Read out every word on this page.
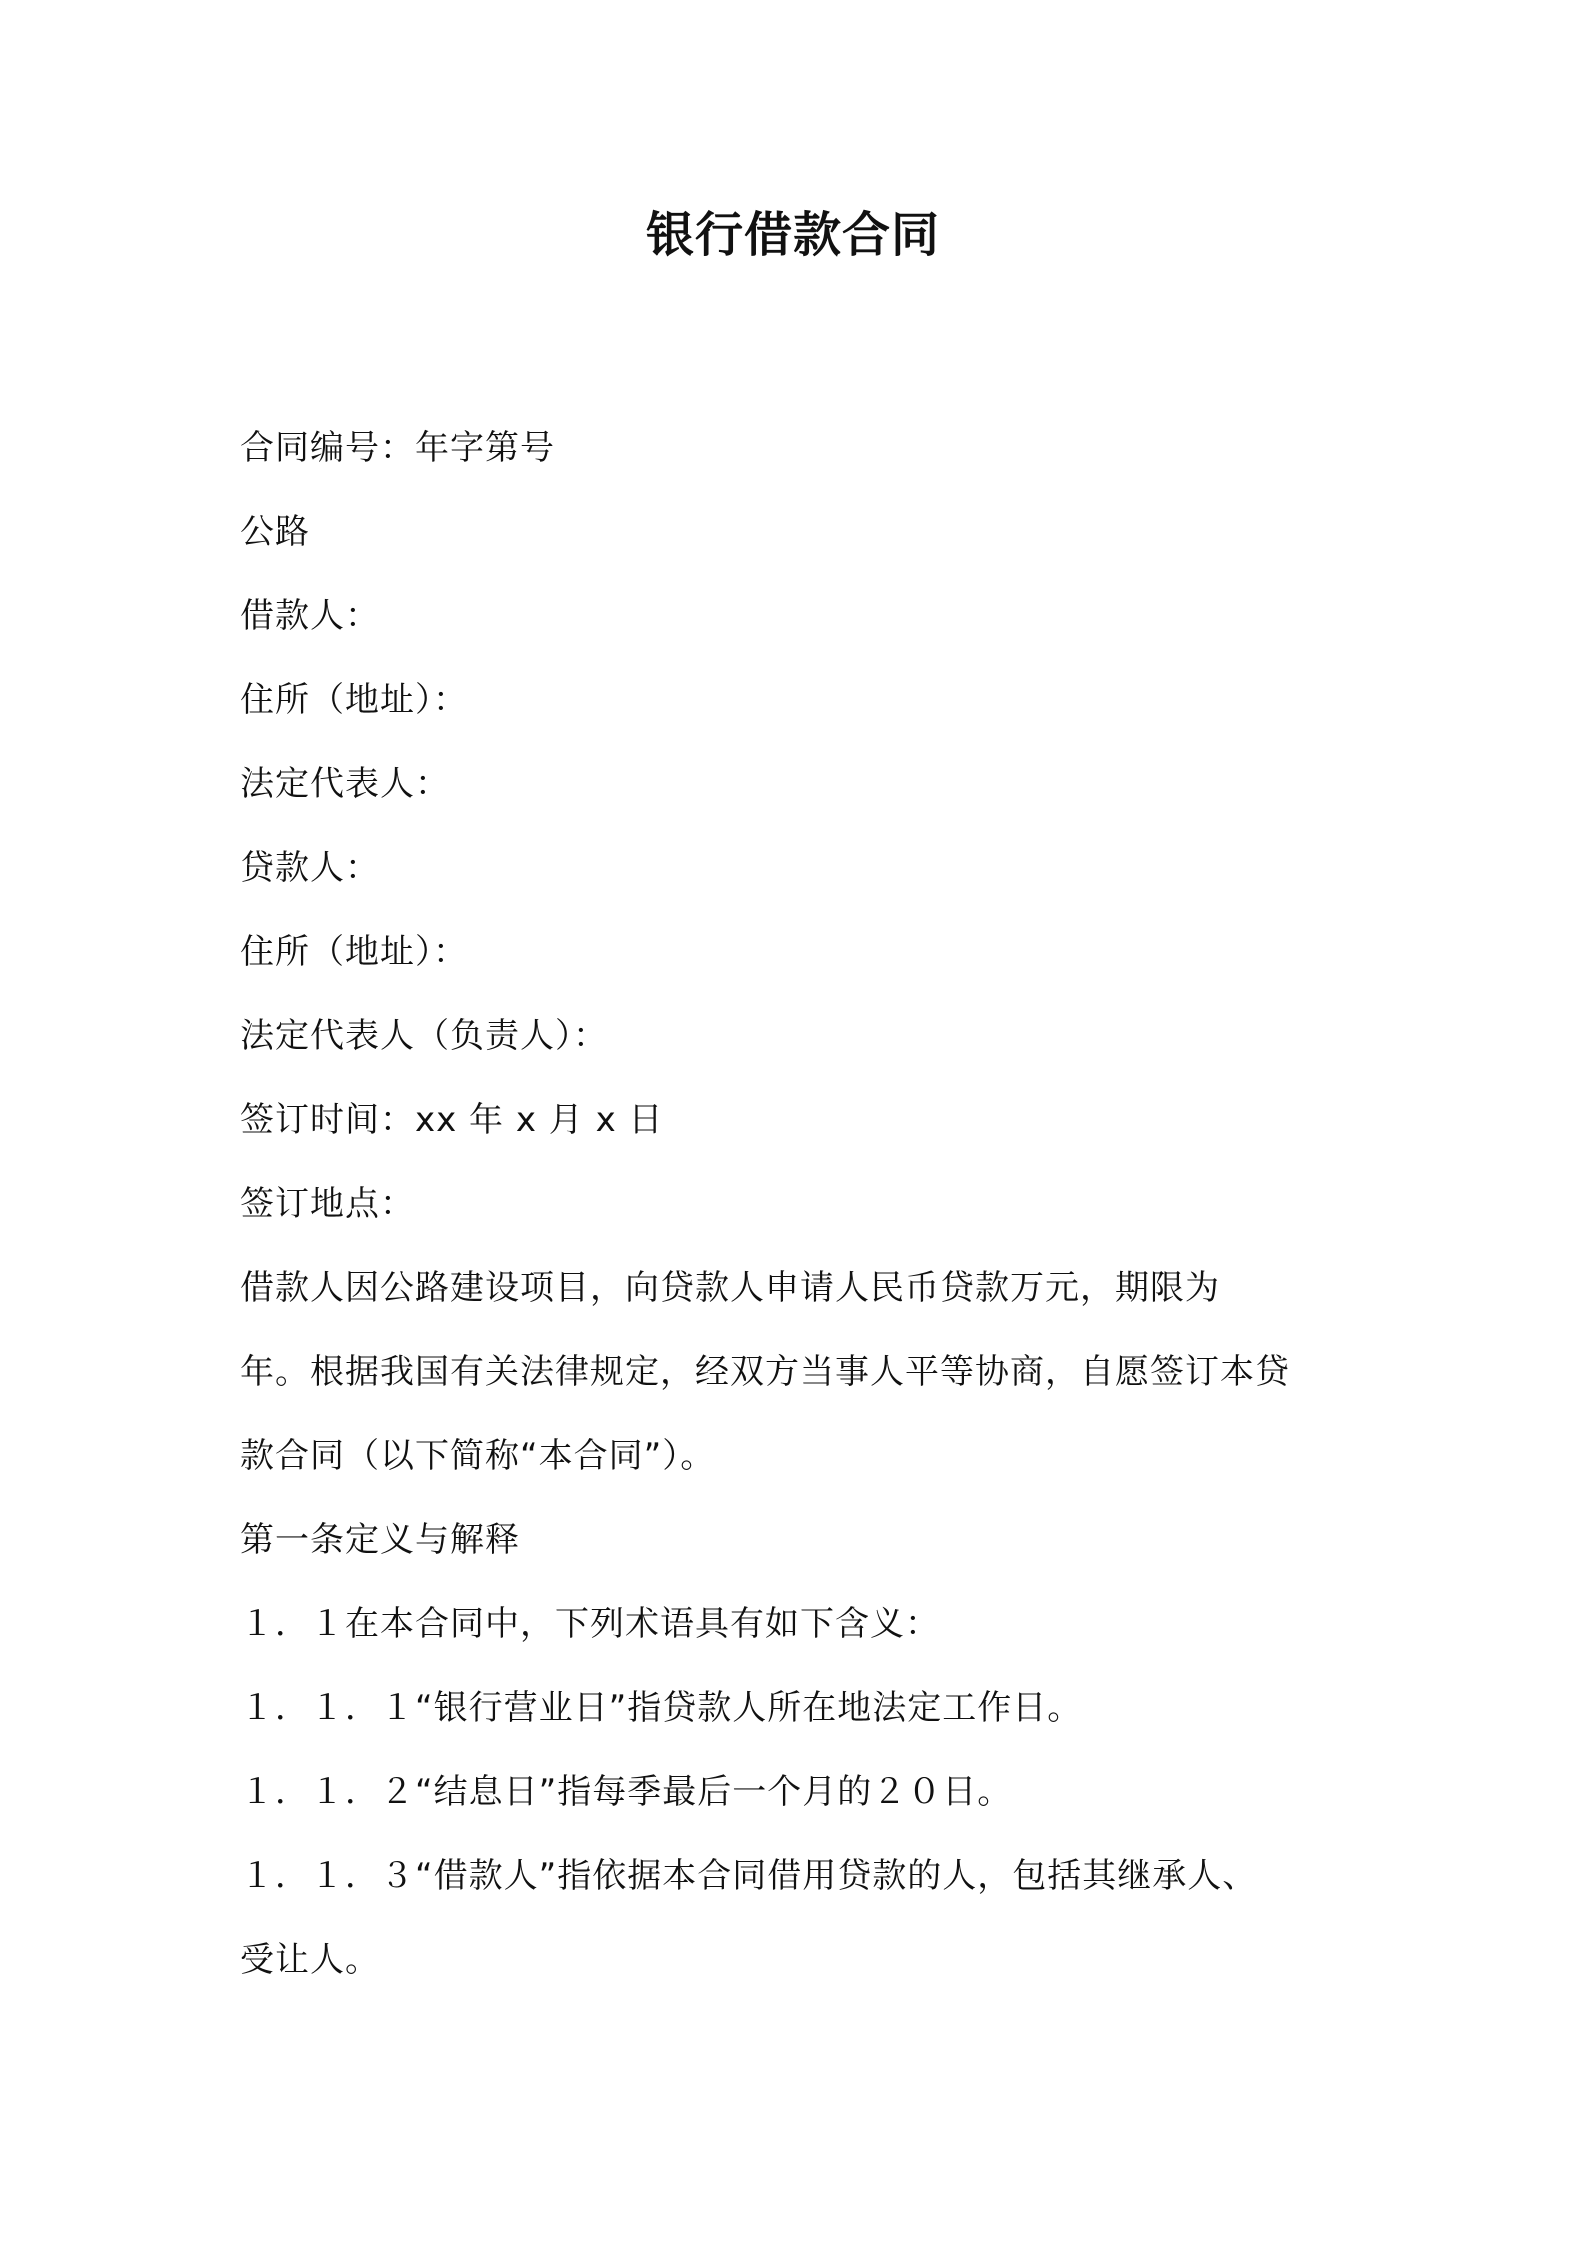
银行借款合同
合同编号：年字第号
公路
借款人：
住所（地址）：
法定代表人：
贷款人：
住所（地址）：
法定代表人（负责人）：
签订时间：xx 年 x 月 x 日
签订地点：
借款人因公路建设项目，向贷款人申请人民币贷款万元，期限为
年。根据我国有关法律规定，经双方当事人平等协商，自愿签订本贷
款合同（以下简称“本合同”）。
第一条定义与解释
１．１在本合同中，下列术语具有如下含义：
１．１．１“银行营业日”指贷款人所在地法定工作日。
１．１．２“结息日”指每季最后一个月的２０日。
１．１．３“借款人”指依据本合同借用贷款的人，包括其继承人、
受让人。
